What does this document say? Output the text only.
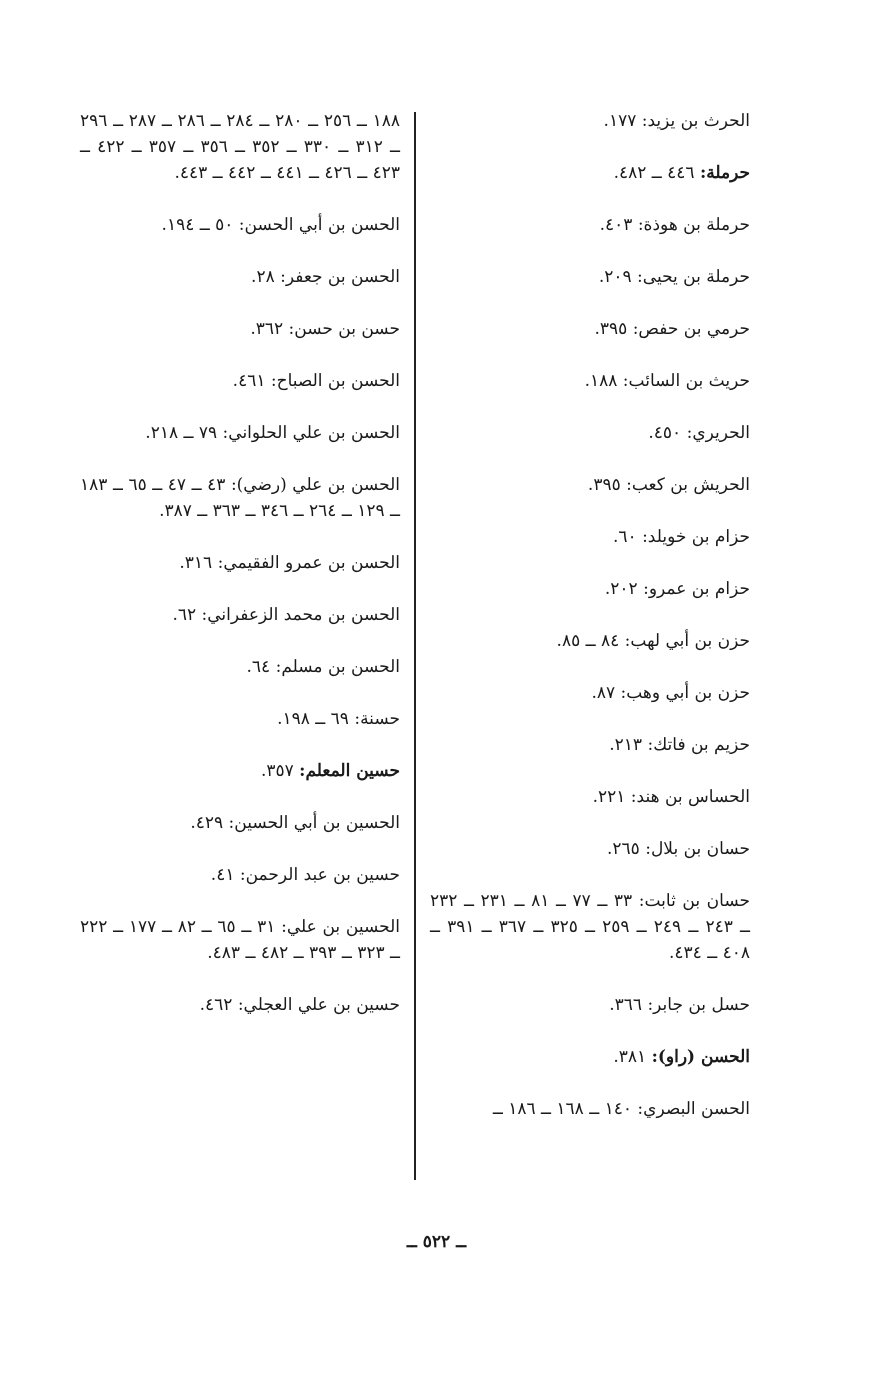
الحرث بن يزيد: ١٧٧.
حرملة: ٤٤٦ ــ ٤٨٢.
حرملة بن هوذة: ٤٠٣.
حرملة بن يحيى: ٢٠٩.
حرمي بن حفص: ٣٩٥.
حريث بن السائب: ١٨٨.
الحريري: ٤٥٠.
الحريش بن كعب: ٣٩٥.
حزام بن خويلد: ٦٠.
حزام بن عمرو: ٢٠٢.
حزن بن أبي لهب: ٨٤ ــ ٨٥.
حزن بن أبي وهب: ٨٧.
حزيم بن فاتك: ٢١٣.
الحساس بن هند: ٢٢١.
حسان بن بلال: ٢٦٥.
حسان بن ثابت: ٣٣ ــ ٧٧ ــ ٨١ ــ ٢٣١ ــ ٢٣٢ ــ ٢٤٣ ــ ٢٤٩ ــ ٢٥٩ ــ ٣٢٥ ــ ٣٦٧ ــ ٣٩١ ــ ٤٠٨ ــ ٤٣٤.
حسل بن جابر: ٣٦٦.
الحسن (راو): ٣٨١.
الحسن البصري: ١٤٠ ــ ١٦٨ ــ ١٨٦ ــ
١٨٨ ــ ٢٥٦ ــ ٢٨٠ ــ ٢٨٤ ــ ٢٨٦ ــ ٢٨٧ ــ ٢٩٦ ــ ٣١٢ ــ ٣٣٠ ــ ٣٥٢ ــ ٣٥٦ ــ ٣٥٧ ــ ٤٢٢ ــ ٤٢٣ ــ ٤٢٦ ــ ٤٤١ ــ ٤٤٢ ــ ٤٤٣.
الحسن بن أبي الحسن: ٥٠ ــ ١٩٤.
الحسن بن جعفر: ٢٨.
حسن بن حسن: ٣٦٢.
الحسن بن الصباح: ٤٦١.
الحسن بن علي الحلواني: ٧٩ ــ ٢١٨.
الحسن بن علي (رضي): ٤٣ ــ ٤٧ ــ ٦٥ ــ ١٨٣ ــ ١٢٩ ــ ٢٦٤ ــ ٣٤٦ ــ ٣٦٣ ــ ٣٨٧.
الحسن بن عمرو الفقيمي: ٣١٦.
الحسن بن محمد الزعفراني: ٦٢.
الحسن بن مسلم: ٦٤.
حسنة: ٦٩ ــ ١٩٨.
حسين المعلم: ٣٥٧.
الحسين بن أبي الحسين: ٤٢٩.
حسين بن عبد الرحمن: ٤١.
الحسين بن علي: ٣١ ــ ٦٥ ــ ٨٢ ــ ١٧٧ ــ ٢٢٢ ــ ٣٢٣ ــ ٣٩٣ ــ ٤٨٢ ــ ٤٨٣.
حسين بن علي العجلي: ٤٦٢.
ــ ٥٢٢ ــ
